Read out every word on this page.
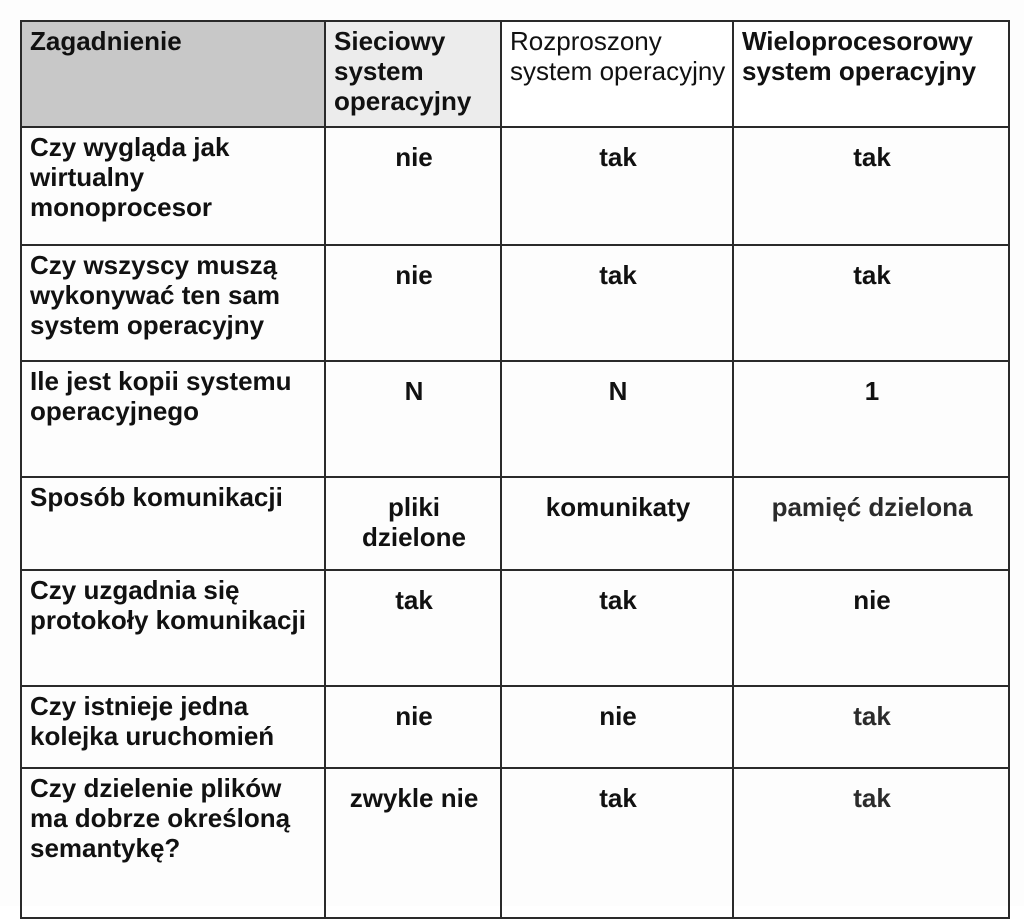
Zagadnienie	Sieciowy system operacyjny	Rozproszony system operacyjny	Wieloprocesorowy system operacyjny
Czy wygląda jak wirtualny monoprocesor	nie	tak	tak
Czy wszyscy muszą wykonywać ten sam system operacyjny	nie	tak	tak
Ile jest kopii systemu operacyjnego	N	N	1
Sposób komunikacji	pliki dzielone	komunikaty	pamięć dzielona
Czy uzgadnia się protokoły komunikacji	tak	tak	nie
Czy istnieje jedna kolejka uruchomień	nie	nie	tak
Czy dzielenie plików ma dobrze określoną semantykę?	zwykle nie	tak	tak
